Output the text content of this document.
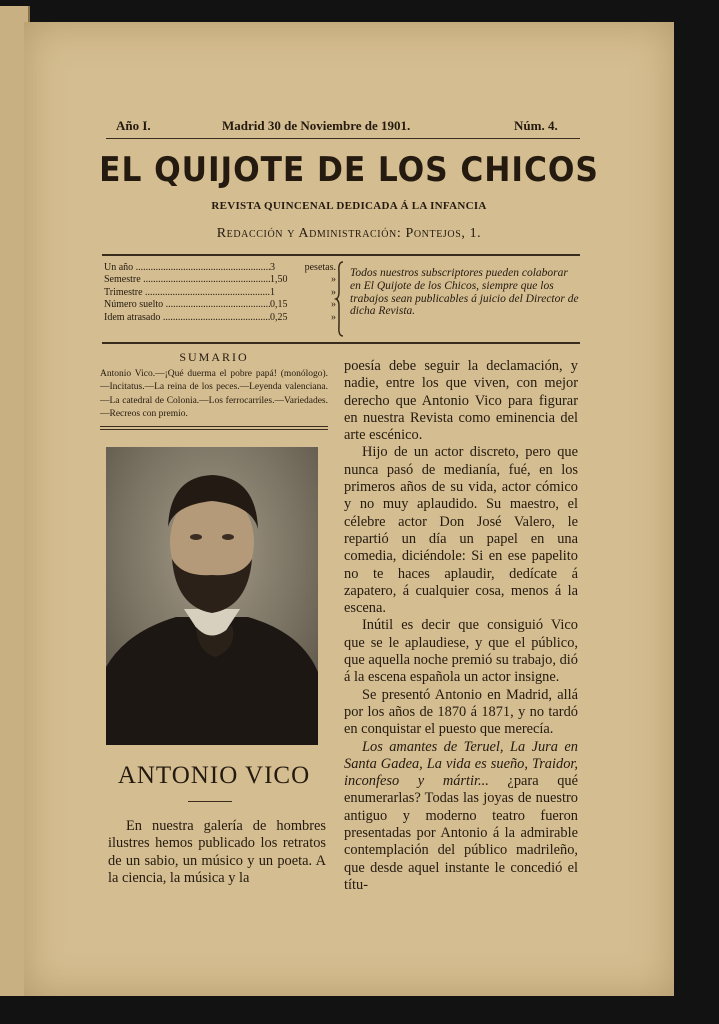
Año I.	Madrid 30 de Noviembre de 1901.	Núm. 4.
EL QUIJOTE DE LOS CHICOS
REVISTA QUINCENAL DEDICADA Á LA INFANCIA
Redacción y Administración: Pontejos, 1.
Un año .....	3	pesetas.
Semestre .....	1,50	»
Trimestre .....	1	»
Número suelto .....	0,15	»
Idem atrasado .....	0,25	»
Todos nuestros subscriptores pueden colaborar en El Quijote de los Chicos, siempre que los trabajos sean publicables á juicio del Director de dicha Revista.
SUMARIO
Antonio Vico.—¡Qué duerma el pobre papá! (monólogo).—Incitatus.—La reina de los peces.—Leyenda valenciana.—La catedral de Colonia.—Los ferrocarriles.—Variedades.—Recreos con premio.
ANTONIO VICO

En nuestra galería de hombres ilustres hemos publicado los retratos de un sabio, un músico y un poeta. A la ciencia, la música y la

poesía debe seguir la declamación, y nadie, entre los que viven, con mejor derecho que Antonio Vico para figurar en nuestra Revista como eminencia del arte escénico.

Hijo de un actor discreto, pero que nunca pasó de medianía, fué, en los primeros años de su vida, actor cómico y no muy aplaudido. Su maestro, el célebre actor Don José Valero, le repartió un día un papel en una comedia, diciéndole: Si en ese papelito no te haces aplaudir, dedícate á zapatero, á cualquier cosa, menos á la escena.

Inútil es decir que consiguió Vico que se le aplaudiese, y que el público, que aquella noche premió su trabajo, dió á la escena española un actor insigne.

Se presentó Antonio en Madrid, allá por los años de 1870 á 1871, y no tardó en conquistar el puesto que merecía.

Los amantes de Teruel, La Jura en Santa Gadea, La vida es sueño, Traidor, inconfeso y mártir... ¿para qué enumerarlas? Todas las joyas de nuestro antiguo y moderno teatro fueron presentadas por Antonio á la admirable contemplación del público madrileño, que desde aquel instante le concedió el títu-
